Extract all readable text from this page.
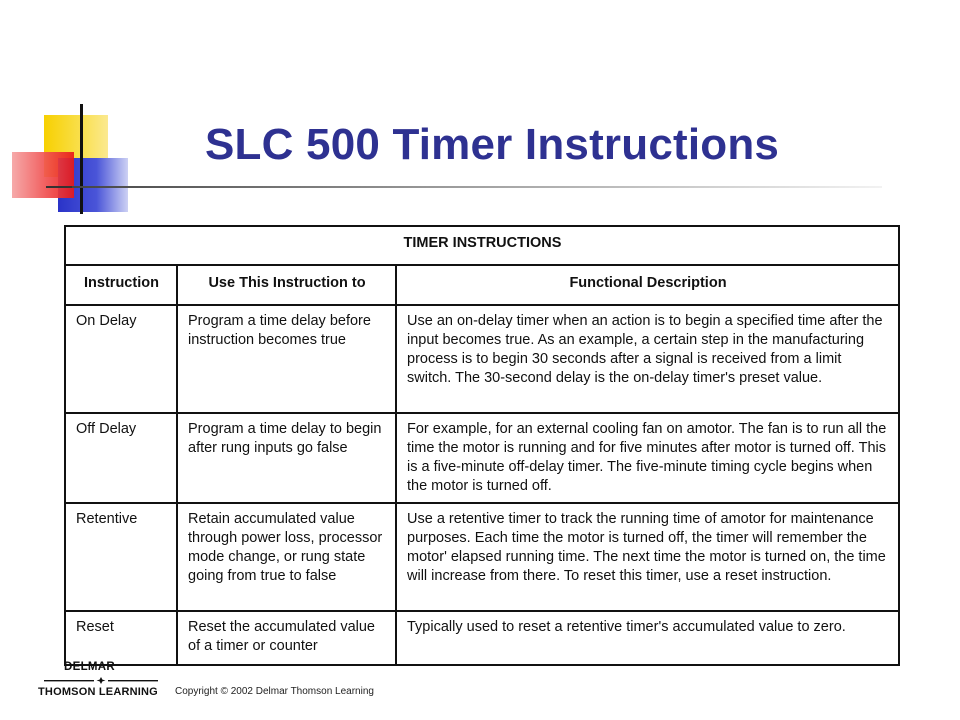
SLC 500 Timer Instructions
TIMER INSTRUCTIONS		
Instruction	Use This Instruction to	Functional Description
On Delay	Program a time delay before instruction becomes true	Use an on-delay timer when an action is to begin a specified time after the input becomes true. As an example, a certain step in the manufacturing process is to begin 30 seconds after a signal is received from a limit switch. The 30-second delay is the on-delay timer's preset value.
Off Delay	Program a time delay to begin after rung inputs go false	For example, for an external cooling fan on amotor. The fan is to run all the time the motor is running and for five minutes after motor is turned off. This is a five-minute off-delay timer. The five-minute timing cycle begins when the motor is turned off.
Retentive	Retain accumulated value through power loss, processor mode change, or rung state going from true to false	Use a retentive timer to track the running time of amotor for maintenance purposes. Each time the motor is turned off, the timer will remember the motor' elapsed running time. The next time the motor is turned on, the time will increase from there. To reset this timer, use a reset instruction.
Reset	Reset the accumulated value of a timer or counter	Typically used to reset a retentive timer's accumulated value to zero.
DELMAR
THOMSON LEARNING Copyright © 2002 Delmar Thomson Learning
